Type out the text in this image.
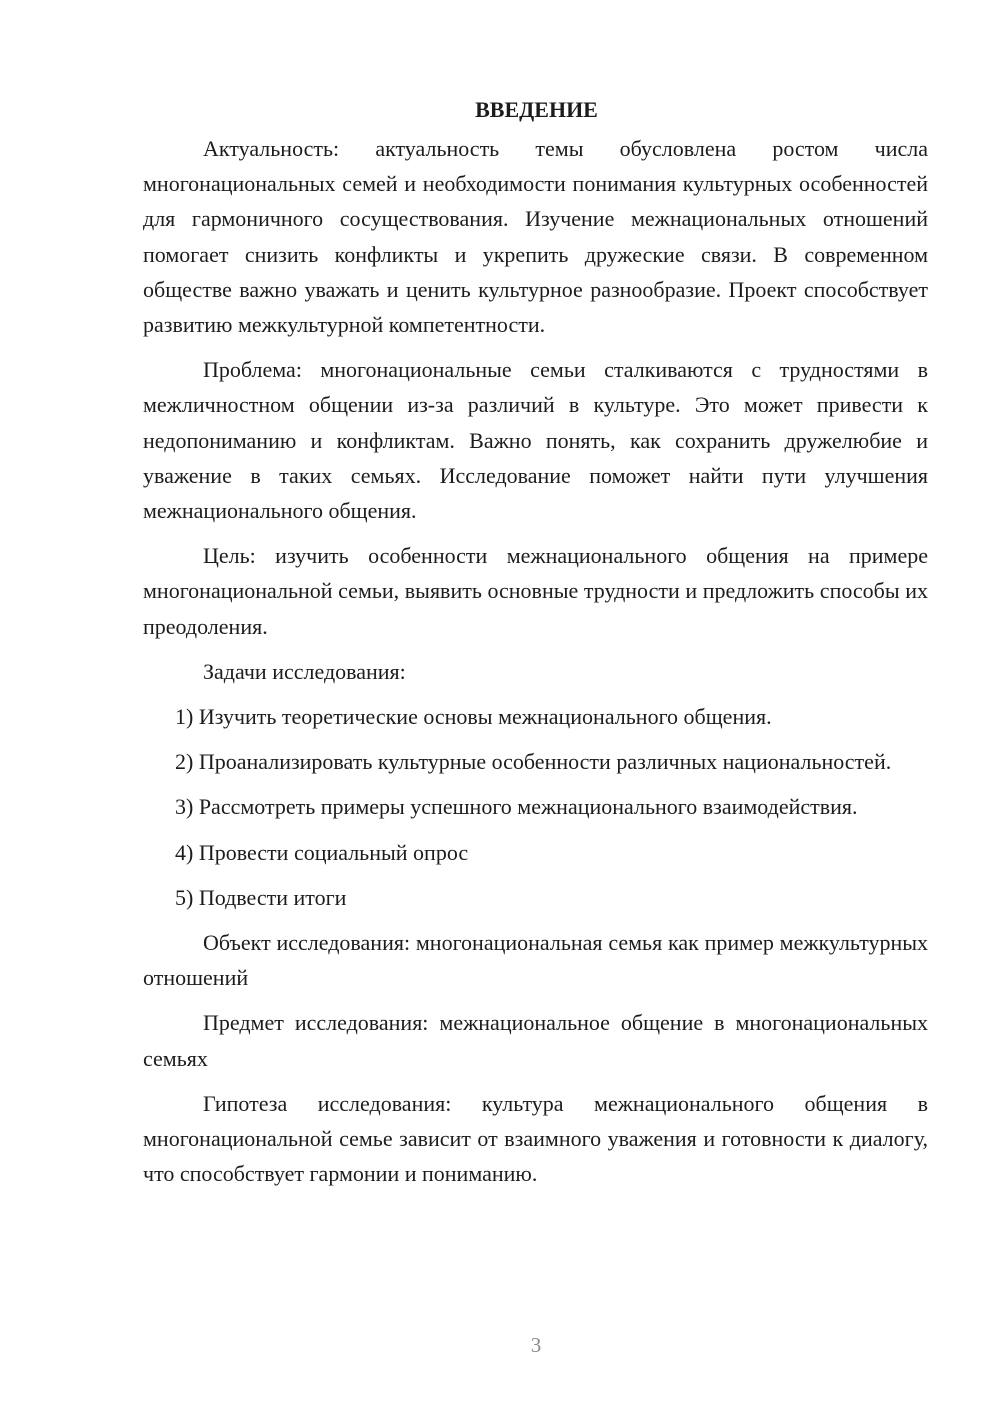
ВВЕДЕНИЕ

Актуальность: актуальность темы обусловлена ростом числа многонациональных семей и необходимости понимания культурных особенностей для гармоничного сосуществования. Изучение межнациональных отношений помогает снизить конфликты и укрепить дружеские связи. В современном обществе важно уважать и ценить культурное разнообразие. Проект способствует развитию межкультурной компетентности.

Проблема: многонациональные семьи сталкиваются с трудностями в межличностном общении из-за различий в культуре. Это может привести к недопониманию и конфликтам. Важно понять, как сохранить дружелюбие и уважение в таких семьях. Исследование поможет найти пути улучшения межнационального общения.

Цель: изучить особенности межнационального общения на примере многонациональной семьи, выявить основные трудности и предложить способы их преодоления.

Задачи исследования:

1) Изучить теоретические основы межнационального общения.

2) Проанализировать культурные особенности различных национальностей.

3) Рассмотреть примеры успешного межнационального взаимодействия.

4) Провести социальный опрос

5) Подвести итоги

Объект исследования: многонациональная семья как пример межкультурных отношений

Предмет исследования: межнациональное общение в многонациональных семьях

Гипотеза исследования: культура межнационального общения в многонациональной семье зависит от взаимного уважения и готовности к диалогу, что способствует гармонии и пониманию.

3
